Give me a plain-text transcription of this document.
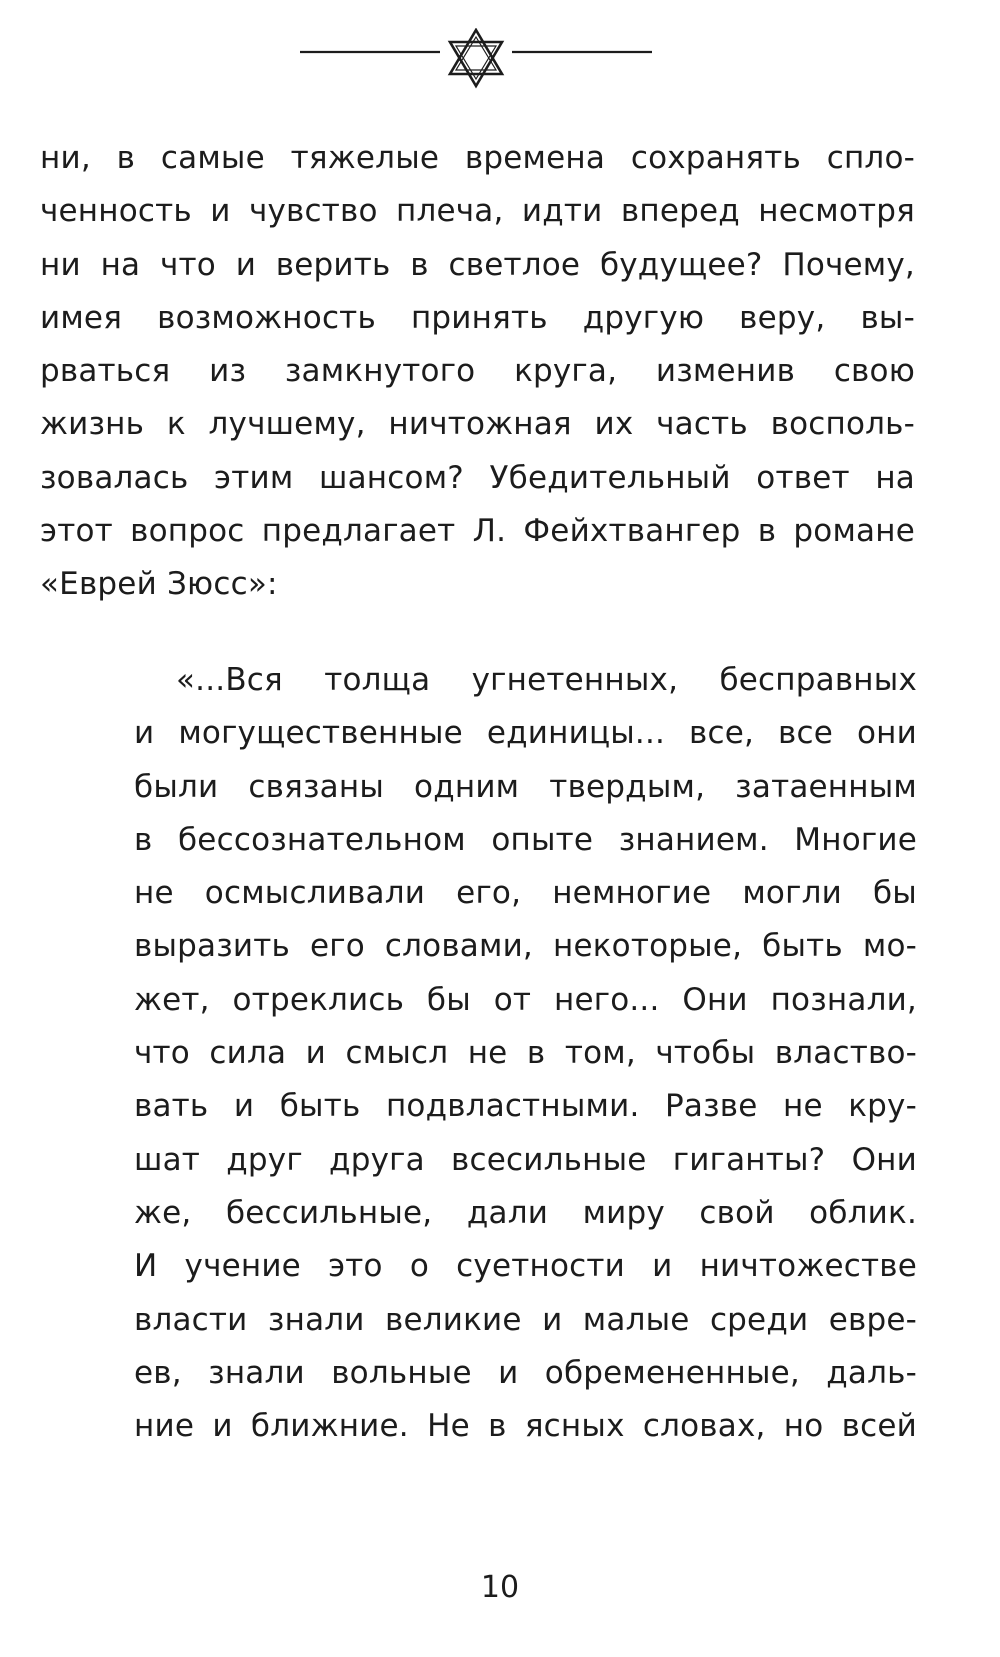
ни, в самые тяжелые времена сохранять спло-
ченность и чувство плеча, идти вперед несмотря
ни на что и верить в светлое будущее? Почему,
имея возможность принять другую веру, вы-
рваться из замкнутого круга, изменив свою
жизнь к лучшему, ничтожная их часть восполь-
зовалась этим шансом? Убедительный ответ на
этот вопрос предлагает Л. Фейхтвангер в романе
«Еврей Зюсс»:
«...Вся толща угнетенных, бесправных
и могущественные единицы... все, все они
были связаны одним твердым, затаенным
в бессознательном опыте знанием. Многие
не осмысливали его, немногие могли бы
выразить его словами, некоторые, быть мо-
жет, отреклись бы от него... Они познали,
что сила и смысл не в том, чтобы властво-
вать и быть подвластными. Разве не кру-
шат друг друга всесильные гиганты? Они
же, бессильные, дали миру свой облик.
И учение это о суетности и ничтожестве
власти знали великие и малые среди евре-
ев, знали вольные и обремененные, даль-
ние и ближние. Не в ясных словах, но всей
10
